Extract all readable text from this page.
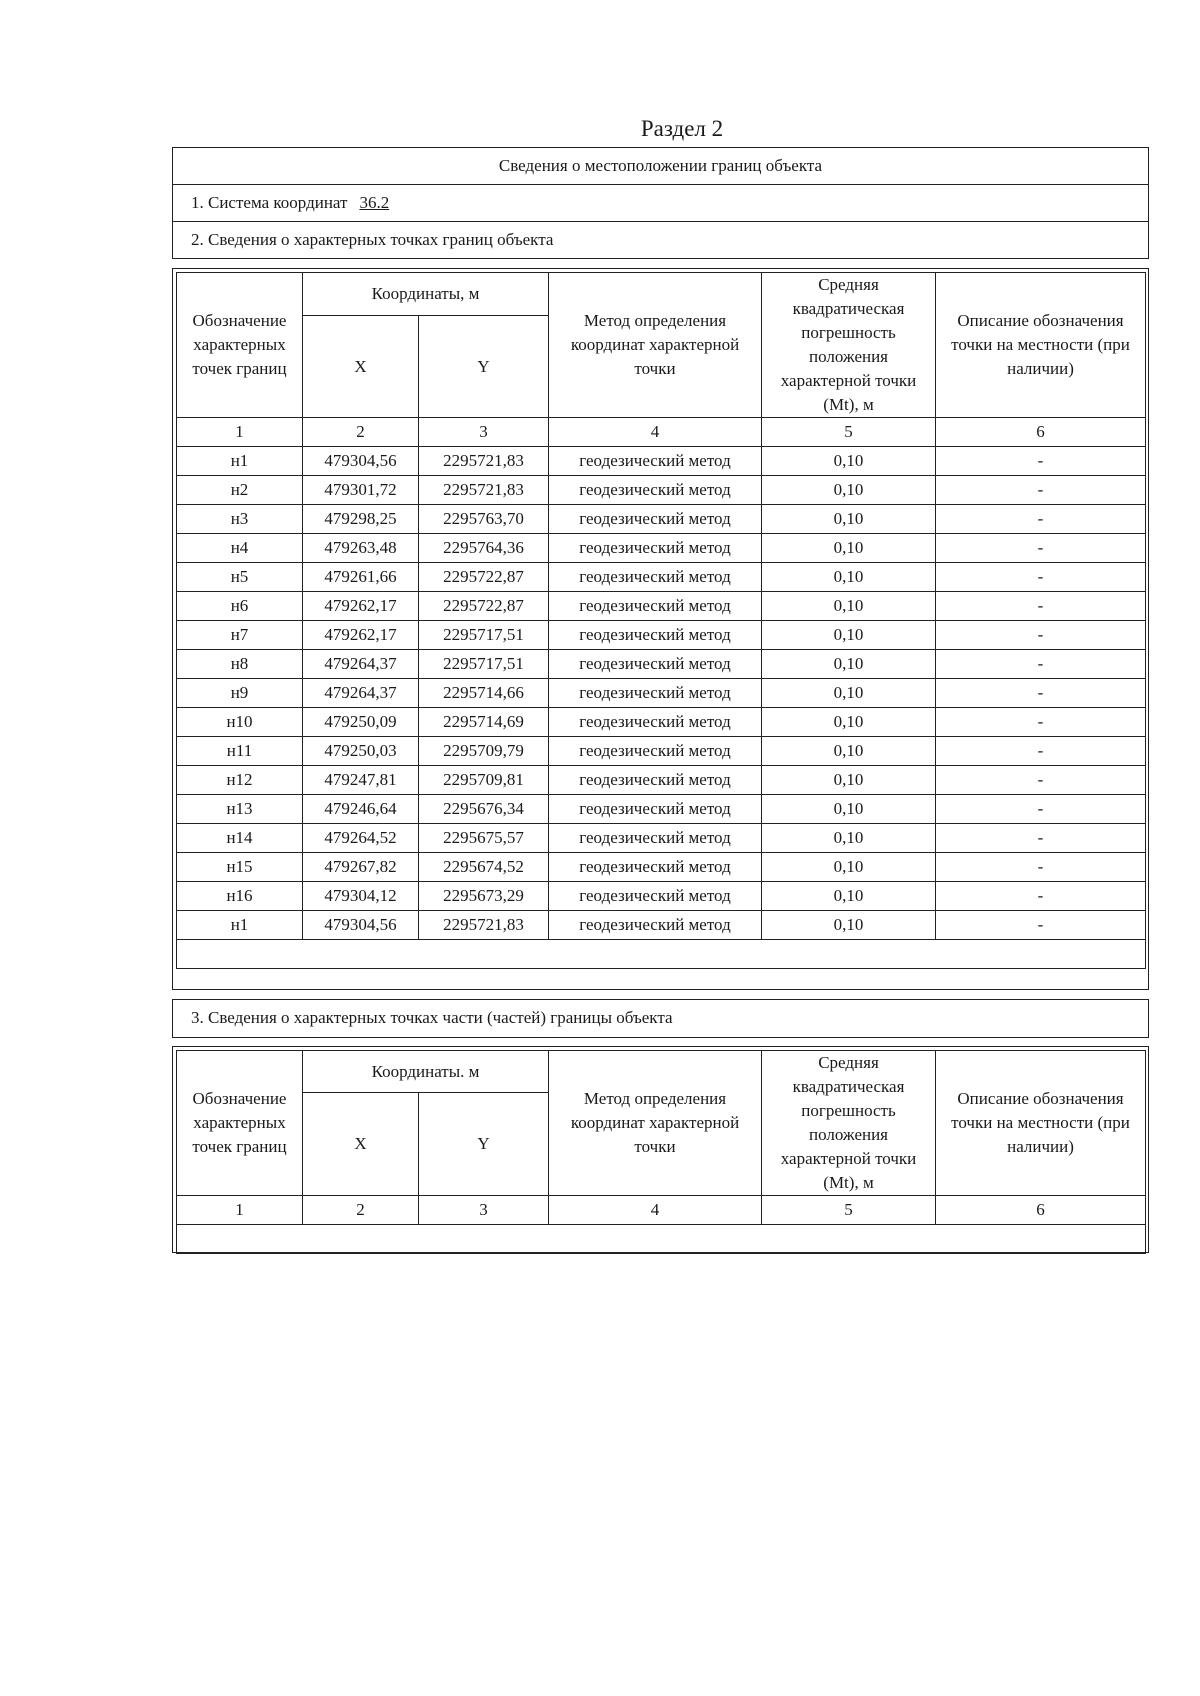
Раздел 2
Сведения о местоположении границ объекта
1. Система координат 36.2
2. Сведения о характерных точках границ объекта
Обозначение характерных точек границ	Координаты, м		Метод определения координат характерной точки	Средняя квадратическая погрешность положения характерной точки (Mt), м	Описание обозначения точки на местности (при наличии)
	X	Y			
1	2	3	4	5	6
н1	479304,56	2295721,83	геодезический метод	0,10	-
н2	479301,72	2295721,83	геодезический метод	0,10	-
н3	479298,25	2295763,70	геодезический метод	0,10	-
н4	479263,48	2295764,36	геодезический метод	0,10	-
н5	479261,66	2295722,87	геодезический метод	0,10	-
н6	479262,17	2295722,87	геодезический метод	0,10	-
н7	479262,17	2295717,51	геодезический метод	0,10	-
н8	479264,37	2295717,51	геодезический метод	0,10	-
н9	479264,37	2295714,66	геодезический метод	0,10	-
н10	479250,09	2295714,69	геодезический метод	0,10	-
н11	479250,03	2295709,79	геодезический метод	0,10	-
н12	479247,81	2295709,81	геодезический метод	0,10	-
н13	479246,64	2295676,34	геодезический метод	0,10	-
н14	479264,52	2295675,57	геодезический метод	0,10	-
н15	479267,82	2295674,52	геодезический метод	0,10	-
н16	479304,12	2295673,29	геодезический метод	0,10	-
н1	479304,56	2295721,83	геодезический метод	0,10	-

3. Сведения о характерных точках части (частей) границы объекта
Обозначение характерных точек границ	Координаты. м		Метод определения координат характерной точки	Средняя квадратическая погрешность положения характерной точки (Mt), м	Описание обозначения точки на местности (при наличии)
	X	Y			
1	2	3	4	5	6
